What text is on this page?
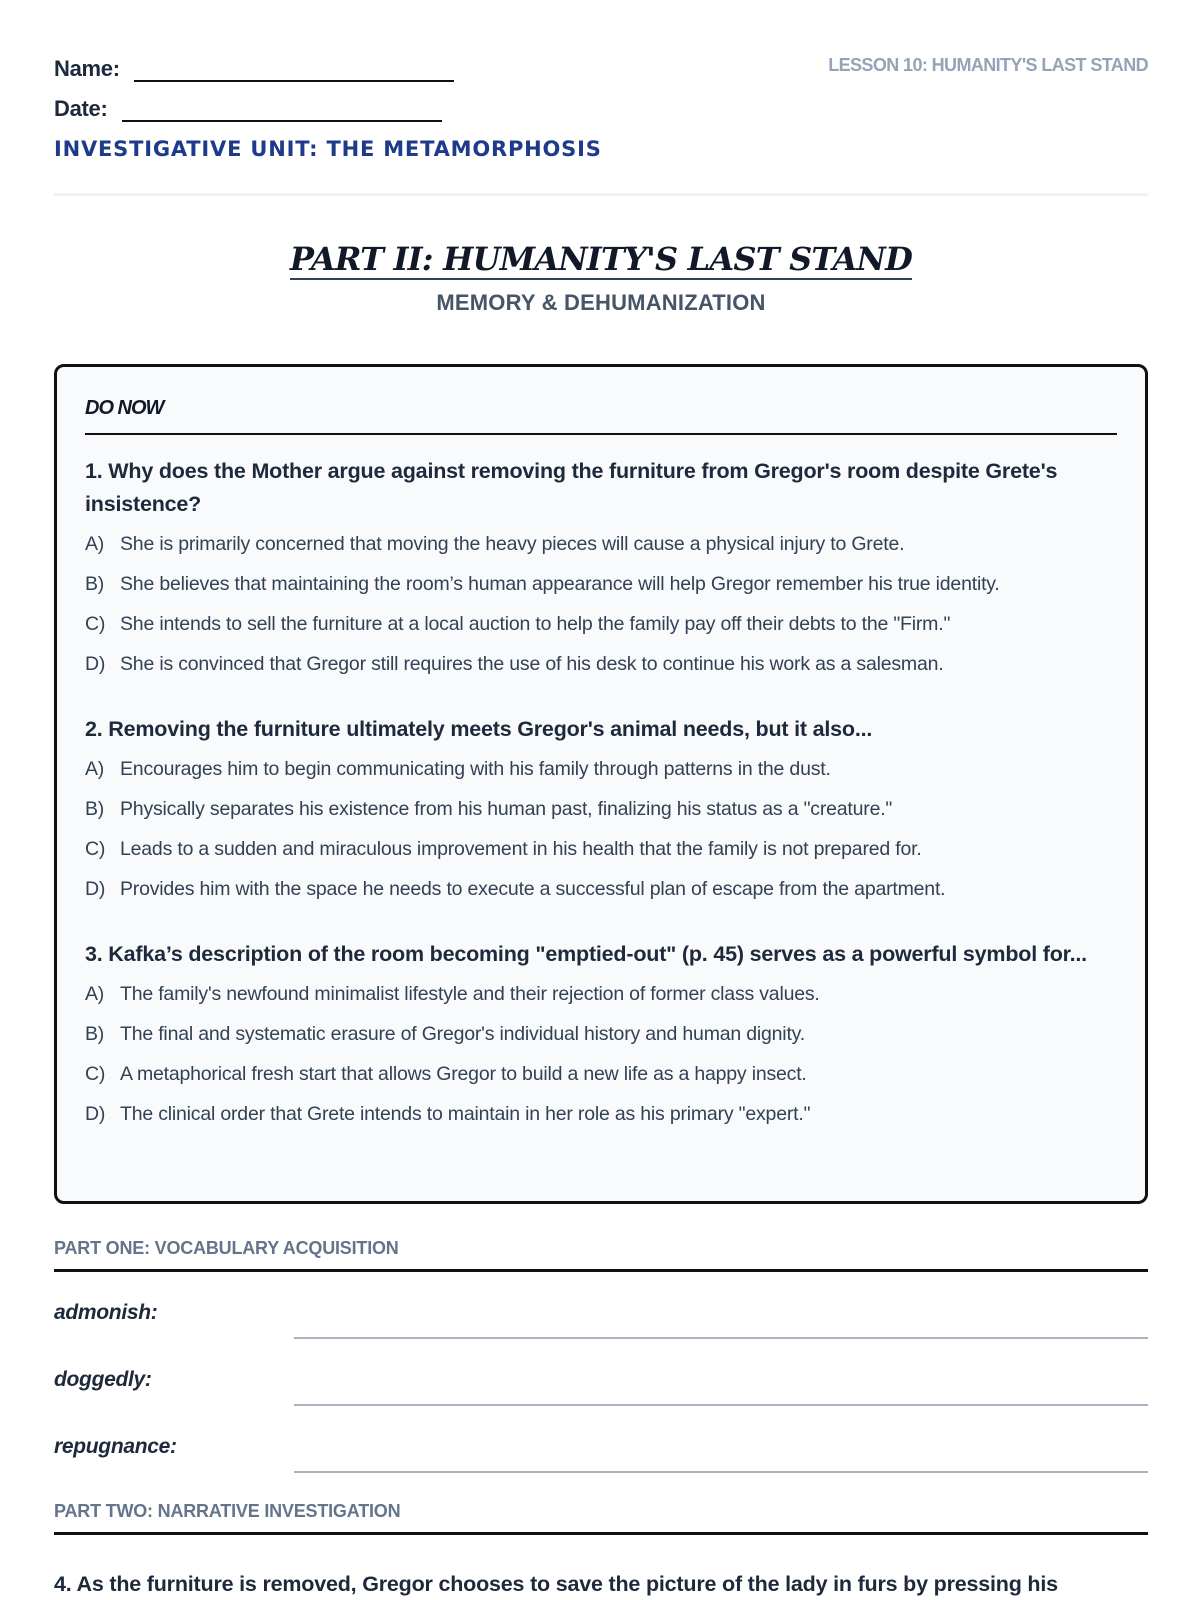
Name:
Date:
INVESTIGATIVE UNIT: THE METAMORPHOSIS
LESSON 10: HUMANITY'S LAST STAND
PART II: HUMANITY'S LAST STAND
MEMORY & DEHUMANIZATION
DO NOW
1. Why does the Mother argue against removing the furniture from Gregor's room despite Grete's insistence?
A) She is primarily concerned that moving the heavy pieces will cause a physical injury to Grete.
B) She believes that maintaining the room’s human appearance will help Gregor remember his true identity.
C) She intends to sell the furniture at a local auction to help the family pay off their debts to the "Firm."
D) She is convinced that Gregor still requires the use of his desk to continue his work as a salesman.
2. Removing the furniture ultimately meets Gregor's animal needs, but it also...
A) Encourages him to begin communicating with his family through patterns in the dust.
B) Physically separates his existence from his human past, finalizing his status as a "creature."
C) Leads to a sudden and miraculous improvement in his health that the family is not prepared for.
D) Provides him with the space he needs to execute a successful plan of escape from the apartment.
3. Kafka’s description of the room becoming "emptied-out" (p. 45) serves as a powerful symbol for...
A) The family's newfound minimalist lifestyle and their rejection of former class values.
B) The final and systematic erasure of Gregor's individual history and human dignity.
C) A metaphorical fresh start that allows Gregor to build a new life as a happy insect.
D) The clinical order that Grete intends to maintain in her role as his primary "expert."
PART ONE: VOCABULARY ACQUISITION
admonish:
doggedly:
repugnance:
PART TWO: NARRATIVE INVESTIGATION
4. As the furniture is removed, Gregor chooses to save the picture of the lady in furs by pressing his
